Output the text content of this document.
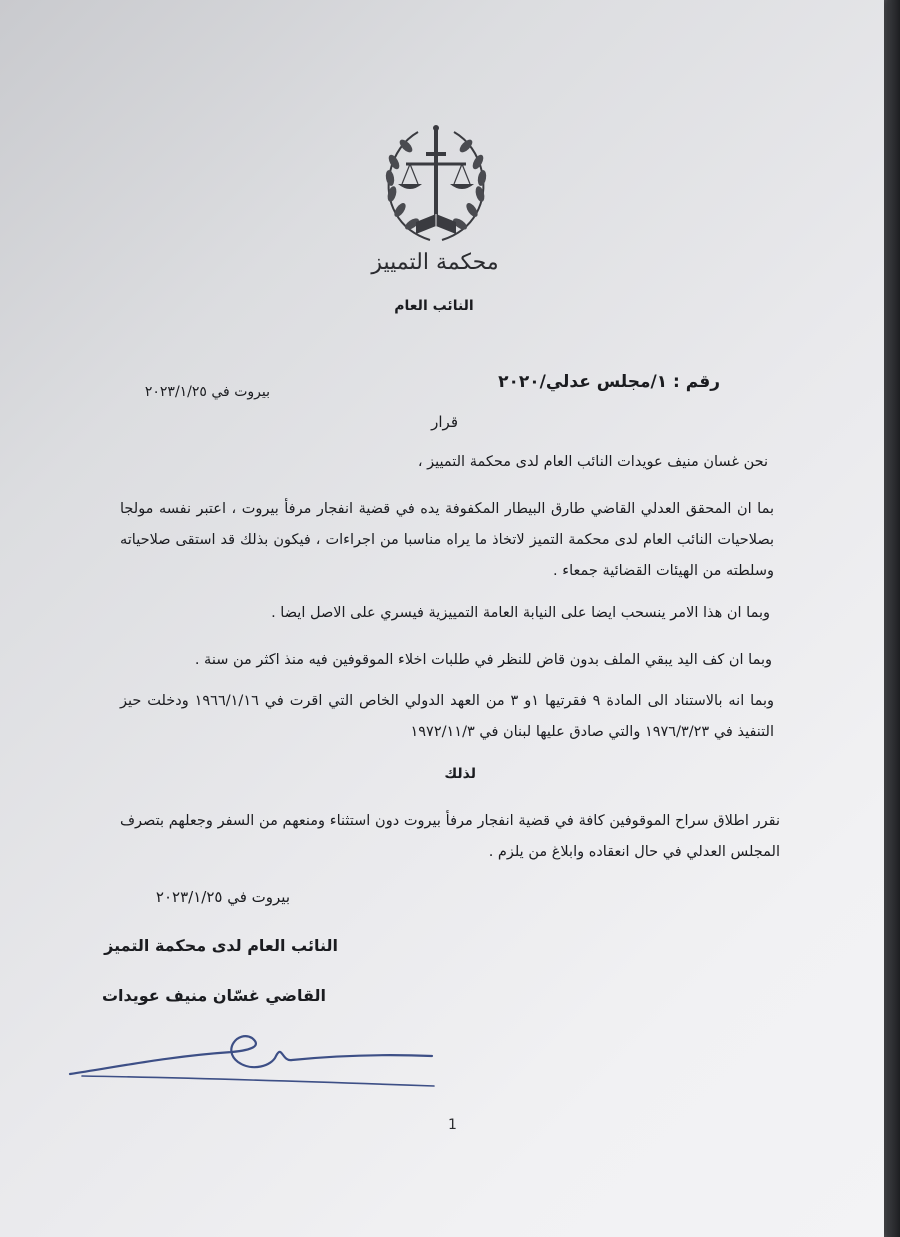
محكمة التمييز
النائب العام
رقم : ١/مجلس عدلي/٢٠٢٠
بيروت في ٢٠٢٣/١/٢٥
قرار
نحن غسان منيف عويدات النائب العام لدى محكمة التمييز ،
بما ان المحقق العدلي القاضي طارق البيطار المكفوفة يده في قضية انفجار مرفأ بيروت ، اعتبر نفسه مولجا بصلاحيات النائب العام لدى محكمة التميز لاتخاذ ما يراه مناسبا من اجراءات ، فيكون بذلك قد استقى صلاحياته وسلطته من الهيئات القضائية جمعاء .
وبما ان هذا الامر ينسحب ايضا على النيابة العامة التمييزية فيسري على الاصل ايضا .
وبما ان كف اليد يبقي الملف بدون قاض للنظر في طلبات اخلاء الموقوفين فيه منذ اكثر من سنة .
وبما انه بالاستناد الى المادة ٩ فقرتيها ١و ٣ من العهد الدولي الخاص التي اقرت في ١٩٦٦/١/١٦ ودخلت حيز التنفيذ في ١٩٧٦/٣/٢٣ والتي صادق عليها لبنان في ١٩٧٢/١١/٣
لذلك
نقرر اطلاق سراح الموقوفين كافة في قضية انفجار مرفأ بيروت دون استثناء ومنعهم من السفر وجعلهم بتصرف المجلس العدلي في حال انعقاده وابلاغ من يلزم .
بيروت في ٢٠٢٣/١/٢٥
النائب العام لدى محكمة التميز
القاضي غسّان منيف عويدات
1
